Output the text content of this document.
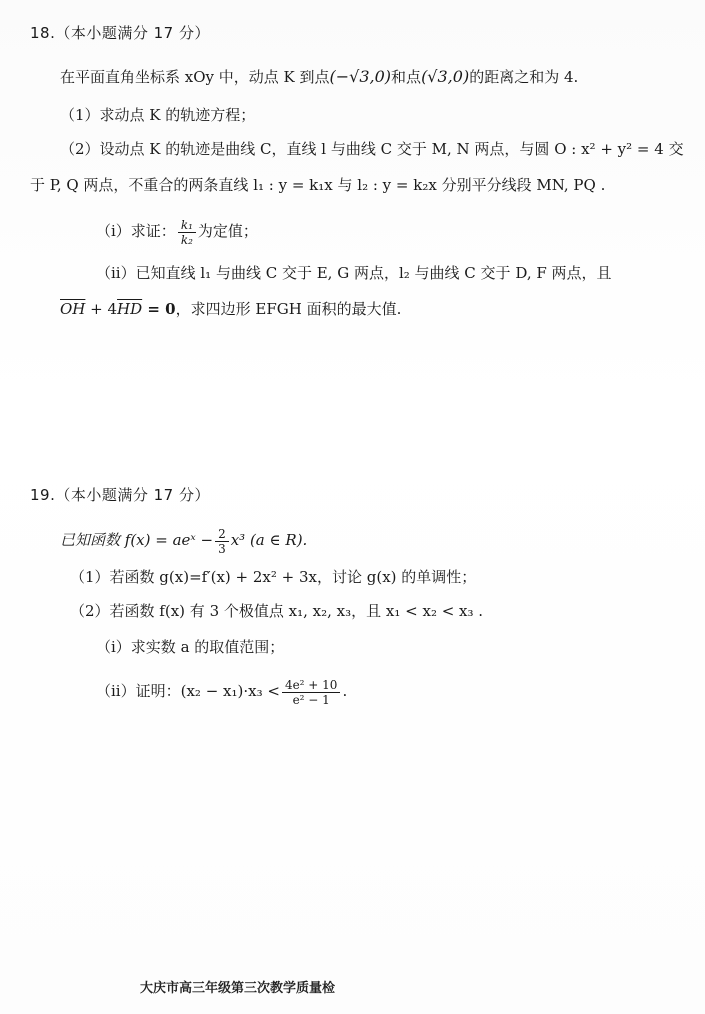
18.（本小题满分 17 分）
在平面直角坐标系 xOy 中，动点 K 到点(−√3,0)和点(√3,0)的距离之和为 4.
（1）求动点 K 的轨迹方程；
（2）设动点 K 的轨迹是曲线 C，直线 l 与曲线 C 交于 M, N 两点，与圆 O : x² + y² = 4 交
于 P, Q 两点，不重合的两条直线 l₁ : y = k₁x 与 l₂ : y = k₂x 分别平分线段 MN, PQ .
（i）求证： $\frac{\text{k₁}}{\text{k₂}}$ 为定值；
（ii）已知直线 l₁ 与曲线 C 交于 E, G 两点，l₂ 与曲线 C 交于 D, F 两点，且
$\overline{OH} + 4\overline{HD} = 0$，求四边形 EFGH 面积的最大值.
19.（本小题满分 17 分）
已知函数 f(x) = aeˣ − $\frac{2}{3} x^3$ (a ∈ R).
（1）若函数 g(x)=f′(x) + 2x² + 3x，讨论 g(x) 的单调性；
（2）若函数 f(x) 有 3 个极值点 x₁, x₂, x₃，且 x₁ < x₂ < x₃ .
（i）求实数 a 的取值范围；
（ii）证明：$(x_2 - x_1)\cdot x_3 < \frac{\text{4e² + 10}}{\text{e² − 1}}$ .
大庆市高三年级第三次教学质量检
